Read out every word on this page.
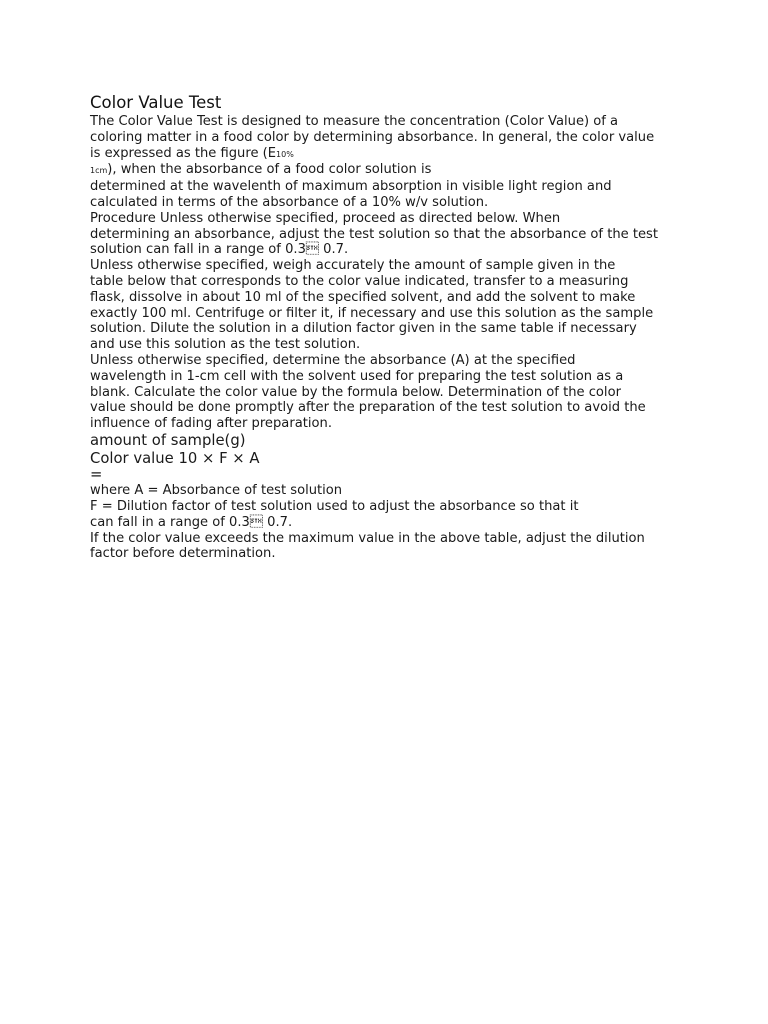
Color Value Test
The Color Value Test is designed to measure the concentration (Color Value) of a
coloring matter in a food color by determining absorbance. In general, the color value
is expressed as the figure (E10%
1cm), when the absorbance of a food color solution is
determined at the wavelenth of maximum absorption in visible light region and
calculated in terms of the absorbance of a 10% w/v solution.
Procedure Unless otherwise specified, proceed as directed below. When
determining an absorbance, adjust the test solution so that the absorbance of the test
solution can fall in a range of 0.3 0.7.
Unless otherwise specified, weigh accurately the amount of sample given in the
table below that corresponds to the color value indicated, transfer to a measuring
flask, dissolve in about 10 ml of the specified solvent, and add the solvent to make
exactly 100 ml. Centrifuge or filter it, if necessary and use this solution as the sample
solution. Dilute the solution in a dilution factor given in the same table if necessary
and use this solution as the test solution.
Unless otherwise specified, determine the absorbance (A) at the specified
wavelength in 1-cm cell with the solvent used for preparing the test solution as a
blank. Calculate the color value by the formula below. Determination of the color
value should be done promptly after the preparation of the test solution to avoid the
influence of fading after preparation.
amount of sample(g)
Color value 10 × F × A
=
where A = Absorbance of test solution
F = Dilution factor of test solution used to adjust the absorbance so that it
can fall in a range of 0.3 0.7.
If the color value exceeds the maximum value in the above table, adjust the dilution
factor before determination.
